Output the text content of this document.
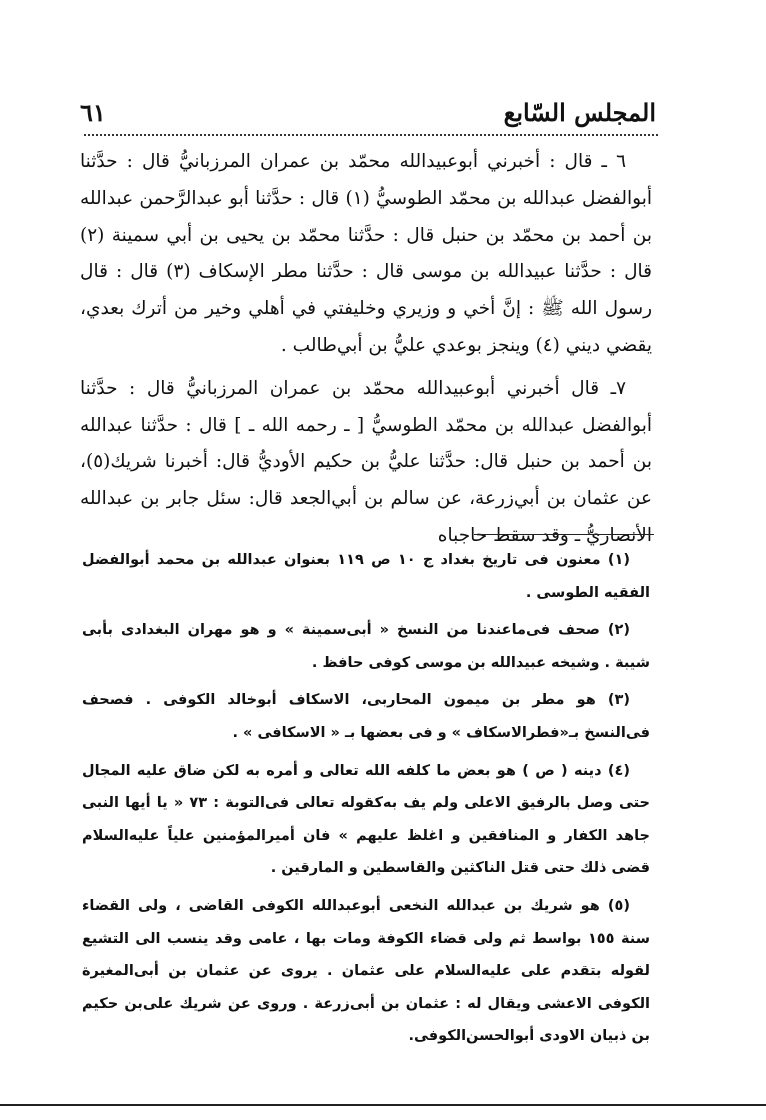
المجلس السّابع
٦١

٦ ـ قال : أخبرني أبوعبيدالله محمّد بن عمران المرزبانيُّ قال : حدَّثنا أبوالفضل عبدالله بن محمّد الطوسيُّ (١) قال : حدَّثنا أبو عبدالرَّحمن عبدالله بن أحمد بن محمّد بن حنبل قال : حدَّثنا محمّد بن يحيى بن أبي سمينة (٢) قال : حدَّثنا عبيدالله بن موسى قال : حدَّثنا مطر الإسكاف (٣) قال : قال رسول الله ﷺ : إنَّ أخي و وزيري وخليفتي في أهلي وخير من أترك بعدي، يقضي ديني (٤) وينجز بوعدي عليُّ بن أبي‌طالب .

٧ـ قال أخبرني أبوعبيدالله محمّد بن عمران المرزبانيُّ قال : حدَّثنا أبوالفضل عبدالله بن محمّد الطوسيُّ [ ـ رحمه الله ـ ] قال : حدَّثنا عبدالله بن أحمد بن حنبل قال: حدَّثنا عليُّ بن حكيم الأوديُّ قال: أخبرنا شريك(٥)، عن عثمان بن أبي‌زرعة، عن سالم بن أبي‌الجعد قال: سئل جابر بن عبدالله الأنصاريُّ ـ وقد سقط حاجباه

(١) معنون فى تاريخ بغداد ج ١٠ ص ١١٩ بعنوان عبدالله بن محمد أبوالفضل الفقيه الطوسى .

(٢) صحف فى‌ماعندنا من النسخ « أبى‌سمينة » و هو مهران البغدادى بأبى شيبة . وشيخه عبيدالله بن موسى كوفى حافظ .

(٣) هو مطر بن ميمون المحاربى، الاسكاف أبوخالد الكوفى . فصحف فى‌النسخ بـ«فطرالاسكاف » و فى بعضها بـ « الاسكافى » .

(٤) دينه ( ص ) هو بعض ما كلفه الله تعالى و أمره به لكن ضاق عليه المجال حتى وصل بالرفيق الاعلى ولم يف به‌كقوله تعالى فى‌التوبة : ٧٣ « يا أيها النبى جاهد الكفار و المنافقين و اغلظ عليهم » فان أميرالمؤمنين علياً عليه‌السلام قضى ذلك حتى قتل الناكثين والقاسطين و المارقين .

(٥) هو شريك بن عبدالله النخعى أبوعبدالله الكوفى القاضى ، ولى القضاء سنة ١٥٥ بواسط ثم ولى قضاء الكوفة ومات بها ، عامى وقد ينسب الى التشيع لقوله بتقدم على عليه‌السلام على عثمان . يروى عن عثمان بن أبى‌المغيرة الكوفى الاعشى ويقال له : عثمان بن أبى‌زرعة . وروى عن شريك على‌بن حكيم بن ذبيان الاودى أبوالحسن‌الكوفى.
